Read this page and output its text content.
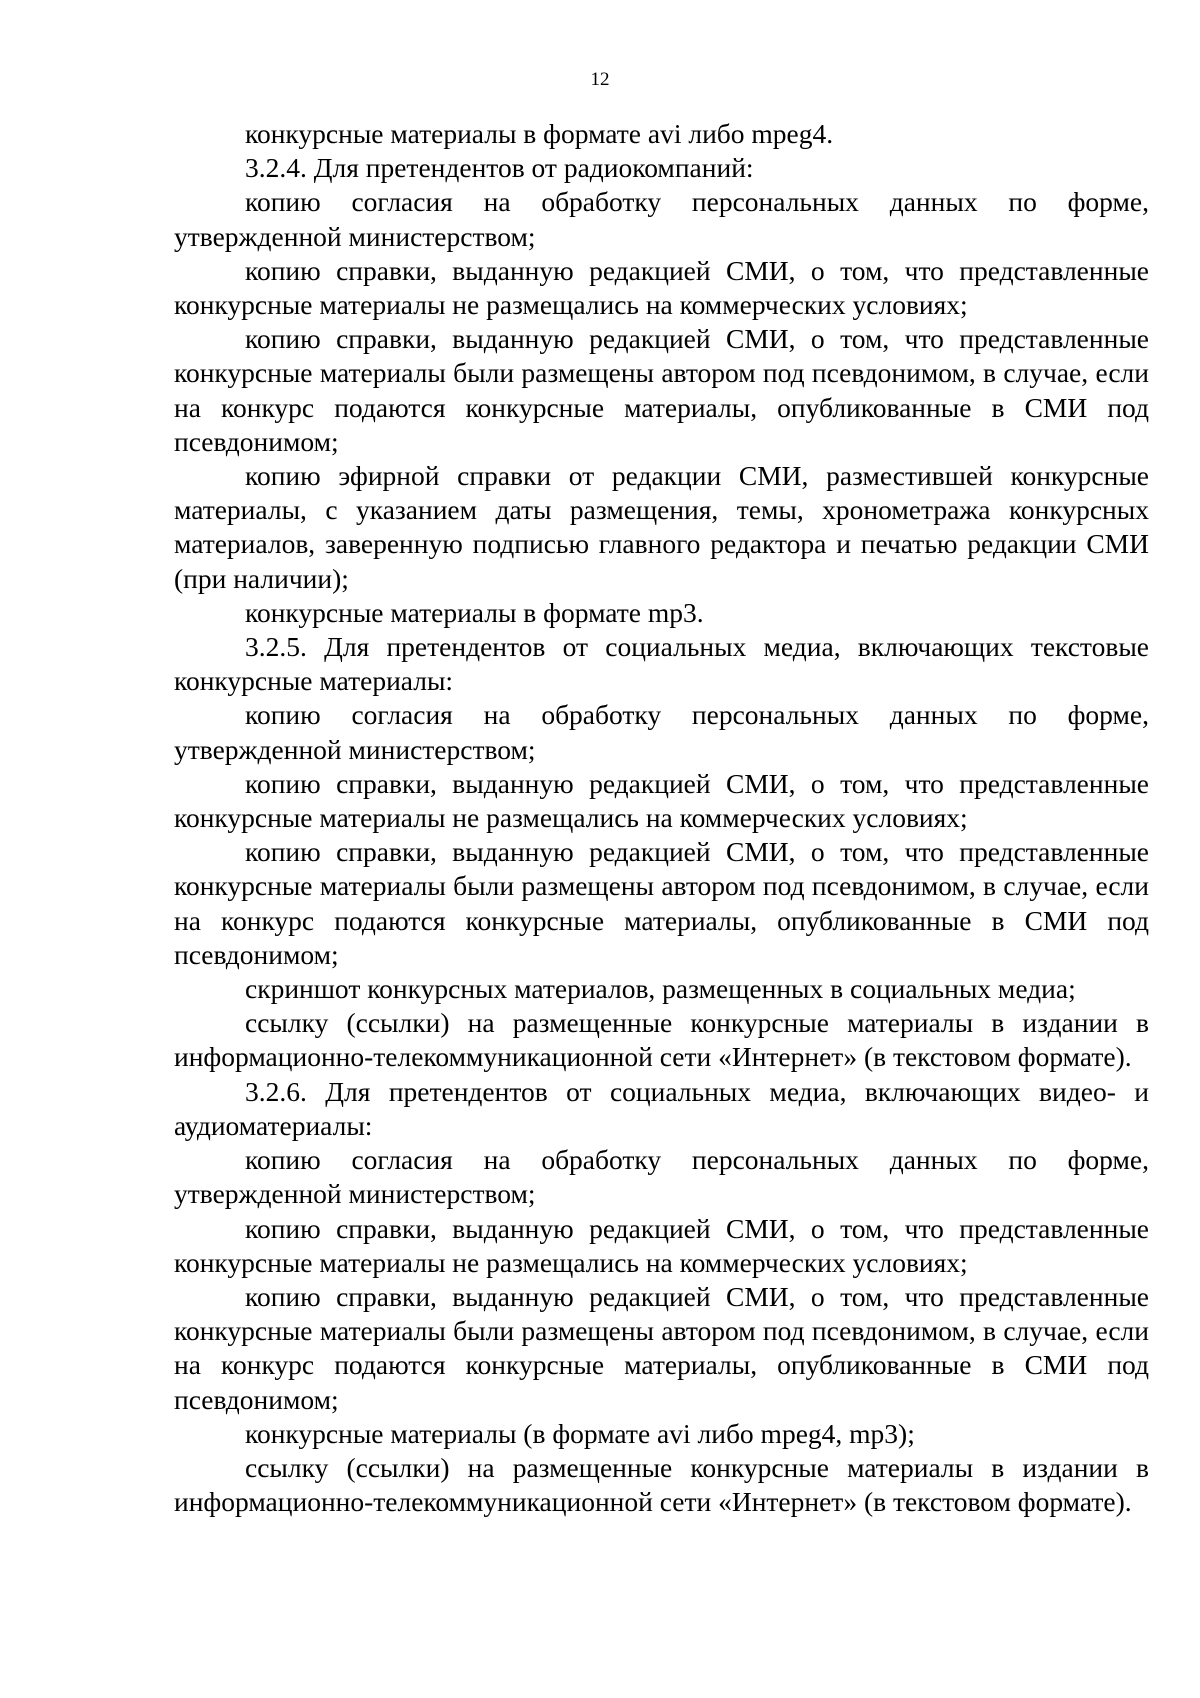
12

конкурсные материалы в формате avi либо mpeg4.

3.2.4. Для претендентов от радиокомпаний:

копию согласия на обработку персональных данных по форме, утвержденной министерством;

копию справки, выданную редакцией СМИ, о том, что представленные конкурсные материалы не размещались на коммерческих условиях;

копию справки, выданную редакцией СМИ, о том, что представленные конкурсные материалы были размещены автором под псевдонимом, в случае, если на конкурс подаются конкурсные материалы, опубликованные в СМИ под псевдонимом;

копию эфирной справки от редакции СМИ, разместившей конкурсные материалы, с указанием даты размещения, темы, хронометража конкурсных материалов, заверенную подписью главного редактора и печатью редакции СМИ (при наличии);

конкурсные материалы в формате mp3.

3.2.5. Для претендентов от социальных медиа, включающих текстовые конкурсные материалы:

копию согласия на обработку персональных данных по форме, утвержденной министерством;

копию справки, выданную редакцией СМИ, о том, что представленные конкурсные материалы не размещались на коммерческих условиях;

копию справки, выданную редакцией СМИ, о том, что представленные конкурсные материалы были размещены автором под псевдонимом, в случае, если на конкурс подаются конкурсные материалы, опубликованные в СМИ под псевдонимом;

скриншот конкурсных материалов, размещенных в социальных медиа;

ссылку (ссылки) на размещенные конкурсные материалы в издании в информационно-телекоммуникационной сети «Интернет» (в текстовом формате).

3.2.6. Для претендентов от социальных медиа, включающих видео- и аудиоматериалы:

копию согласия на обработку персональных данных по форме, утвержденной министерством;

копию справки, выданную редакцией СМИ, о том, что представленные конкурсные материалы не размещались на коммерческих условиях;

копию справки, выданную редакцией СМИ, о том, что представленные конкурсные материалы были размещены автором под псевдонимом, в случае, если на конкурс подаются конкурсные материалы, опубликованные в СМИ под псевдонимом;

конкурсные материалы (в формате avi либо mpeg4, mp3);

ссылку (ссылки) на размещенные конкурсные материалы в издании в информационно-телекоммуникационной сети «Интернет» (в текстовом формате).
